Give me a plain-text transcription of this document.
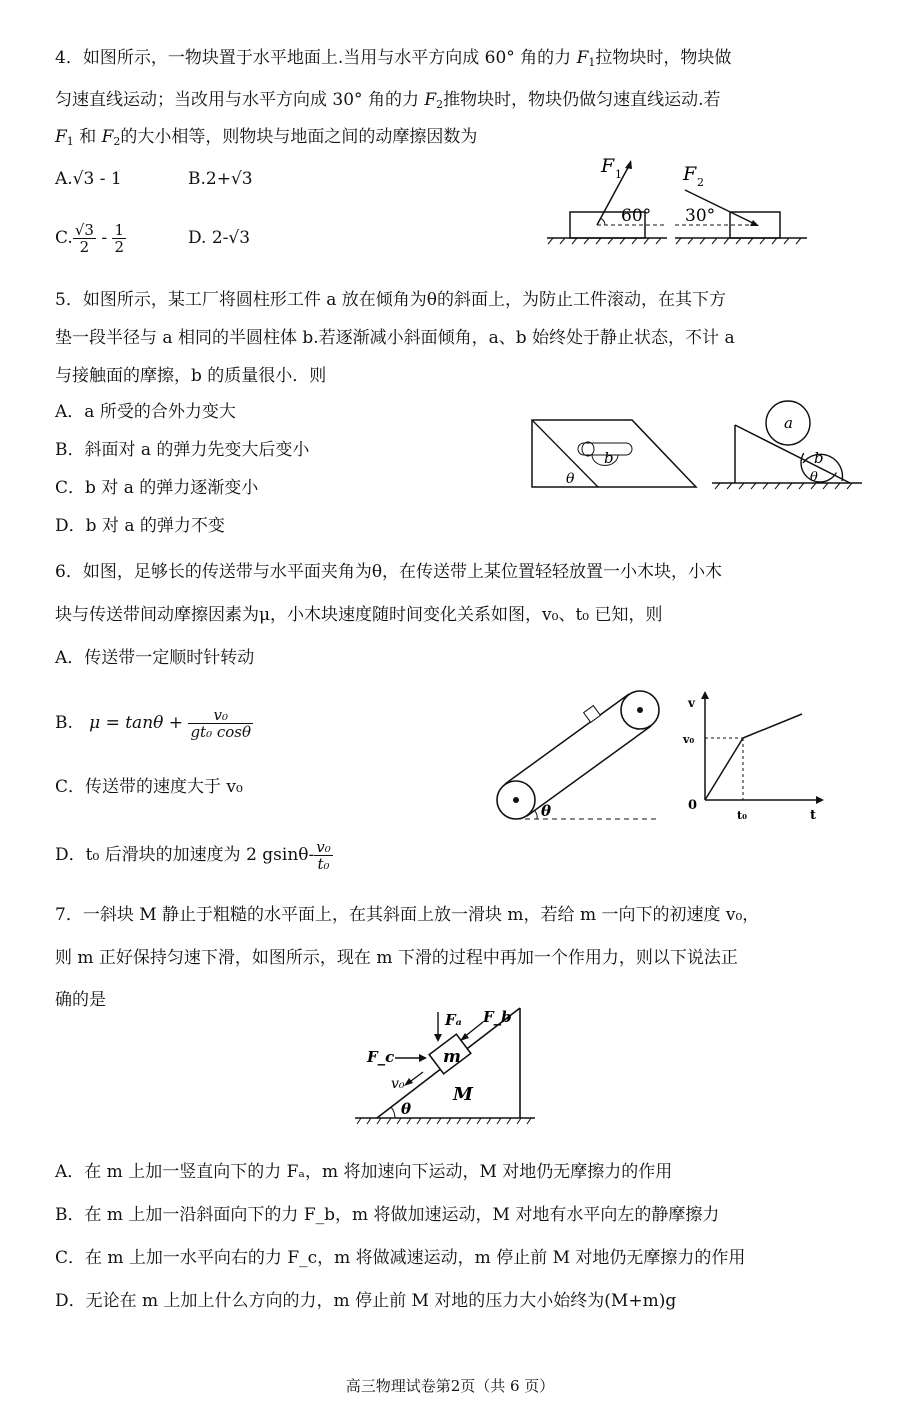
4．如图所示，一物块置于水平地面上.当用与水平方向成 60° 角的力 $F_1$拉物块时，物块做
匀速直线运动；当改用与水平方向成 30° 角的力 $F_2$推物块时，物块仍做匀速直线运动.若
$F_1$ 和 $F_2$的大小相等，则物块与地面之间的动摩擦因数为
A.√3 - 1	B.2+√3
C. $\frac{√3}{2} - \frac{1}{2}$	D. 2-√3
F 1
60°
F 2
30°
5．如图所示，某工厂将圆柱形工件 a 放在倾角为θ的斜面上，为防止工件滚动，在其下方
垫一段半径与 a 相同的半圆柱体 b.若逐渐减小斜面倾角，a、b 始终处于静止状态，不计 a
与接触面的摩擦，b 的质量很小．则
A．a 所受的合外力变大
B．斜面对 a 的弹力先变大后变小
C．b 对 a 的弹力逐渐变小
D．b 对 a 的弹力不变
b
θ
a
b
θ
6．如图，足够长的传送带与水平面夹角为θ，在传送带上某位置轻轻放置一小木块，小木
块与传送带间动摩擦因素为μ，小木块速度随时间变化关系如图，v₀、t₀ 已知，则
A．传送带一定顺时针转动
B. $\mu = \tan\theta + \frac{\text{v₀}}{\text{gt₀ cosθ}}$
C．传送带的速度大于 v₀
D．t₀ 后滑块的加速度为 2 $gsin\theta- \frac{\text{v₀}}{\text{t₀}}$
θ
v
v₀
0
t₀	t
7．一斜块 M 静止于粗糙的水平面上，在其斜面上放一滑块 m，若给 m 一向下的初速度 v₀，
则 m 正好保持匀速下滑，如图所示，现在 m 下滑的过程中再加一个作用力，则以下说法正
确的是
m
Fₐ F_b
F_c
v₀	M
θ
A．在 m 上加一竖直向下的力 Fₐ，m 将加速向下运动，M 对地仍无摩擦力的作用
B．在 m 上加一沿斜面向下的力 F_b，m 将做加速运动，M 对地有水平向左的静摩擦力
C．在 m 上加一水平向右的力 F_c，m 将做减速运动，m 停止前 M 对地仍无摩擦力的作用
D．无论在 m 上加上什么方向的力，m 停止前 M 对地的压力大小始终为(M+m)g
高三物理试卷第2页（共 6 页）
